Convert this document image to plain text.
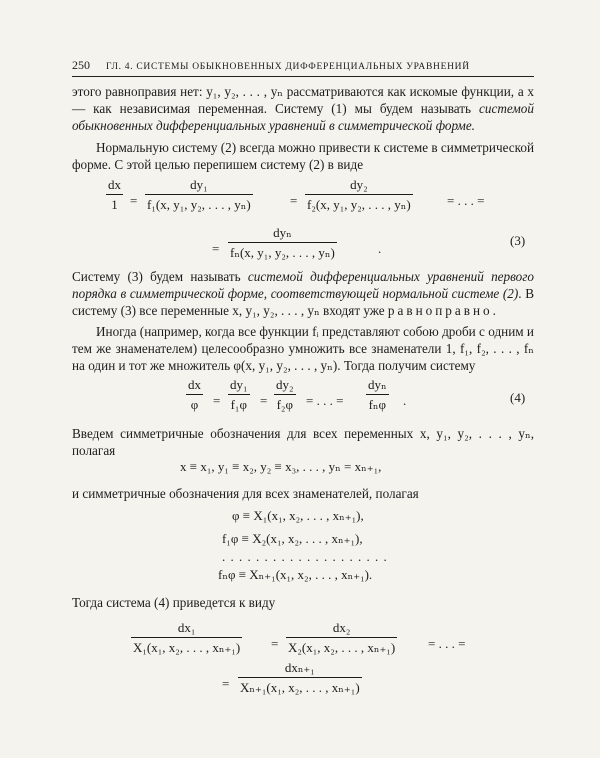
250 ГЛ. 4. СИСТЕМЫ ОБЫКНОВЕННЫХ ДИФФЕРЕНЦИАЛЬНЫХ УРАВНЕНИЙ

этого равноправия нет: y₁, y₂, . . . , yₙ рассматриваются как искомые функции, а x — как независимая переменная. Системy (1) мы будем называть системой обыкновенных дифференциальных уравнений в симметрической форме.

Нормальную систему (2) всегда можно привести к системе в симметрической форме. С этой целью перепишем систему (2) в виде

dx
1 =
dy₁
f₁(x, y₁, y₂, . . . , yₙ)	=
dy₂
f₂(x, y₁, y₂, . . . , yₙ)	= . . . =
=
dyₙ
fₙ(x, y₁, y₂, . . . , yₙ)	.
(3)

Систему (3) будем называть системой дифференциальных уравнений первого порядка в симметрической форме, соответствующей нормальной системе (2). В систему (3) все переменные x, y₁, y₂, . . . , yₙ входят уже равноправно.

Иногда (например, когда все функции fᵢ представляют собою дроби с одним и тем же знаменателем) целесообразно умножить все знаменатели 1, f₁, f₂, . . . , fₙ на один и тот же множитель φ(x, y₁, y₂, . . . , yₙ). Тогда получим систему

dx
φ =
dy₁
f₁φ =
dy₂
f₂φ = . . . =
dyₙ
fₙφ .	(4)

Введем симметричные обозначения для всех переменных x, y₁, y₂, . . . , yₙ, полагая

x ≡ x₁, y₁ ≡ x₂, y₂ ≡ x₃, . . . , yₙ = xₙ₊₁,

и симметричные обозначения для всех знаменателей, полагая

φ ≡ X₁(x₁, x₂, . . . , xₙ₊₁),
f₁φ ≡ X₂(x₁, x₂, . . . , xₙ₊₁),
. . . . . . . . . . . . . . . . . . . .
fₙφ ≡ Xₙ₊₁(x₁, x₂, . . . , xₙ₊₁).

Тогда система (4) приведется к виду

dx₁
X₁(x₁, x₂, . . . , xₙ₊₁) =
dx₂
X₂(x₁, x₂, . . . , xₙ₊₁)	= . . . =
=
dxₙ₊₁
Xₙ₊₁(x₁, x₂, . . . , xₙ₊₁)
